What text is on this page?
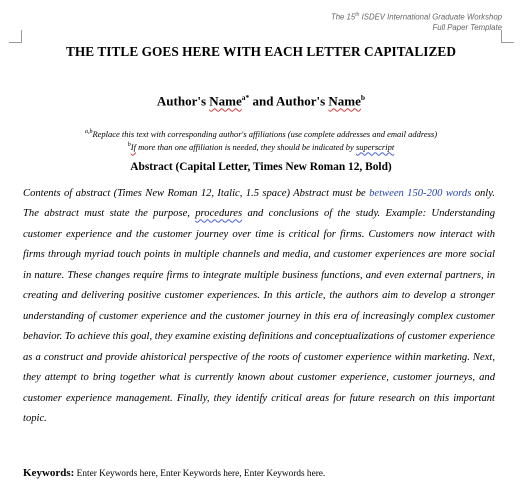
The 15th ISDEV International Graduate Workshop
Full Paper Template
THE TITLE GOES HERE WITH EACH LETTER CAPITALIZED
Author's Name$^{a*}$ and Author's Name$^b$
$^{a,b}$Replace this text with corresponding author's affiliations (use complete addresses and email address)
$^b$If more than one affiliation is needed, they should be indicated by superscript
Abstract (Capital Letter, Times New Roman 12, Bold)
Contents of abstract (Times New Roman 12, Italic, 1.5 space) Abstract must be between 150-200 words only. The abstract must state the purpose, procedures and conclusions of the study. Example: Understanding customer experience and the customer journey over time is critical for firms. Customers now interact with firms through myriad touch points in multiple channels and media, and customer experiences are more social in nature. These changes require firms to integrate multiple business functions, and even external partners, in creating and delivering positive customer experiences. In this article, the authors aim to develop a stronger understanding of customer experience and the customer journey in this era of increasingly complex customer behavior. To achieve this goal, they examine existing definitions and conceptualizations of customer experience as a construct and provide ahistorical perspective of the roots of customer experience within marketing. Next, they attempt to bring together what is currently known about customer experience, customer journeys, and customer experience management. Finally, they identify critical areas for future research on this important topic.
Keywords: Enter Keywords here, Enter Keywords here, Enter Keywords here.
